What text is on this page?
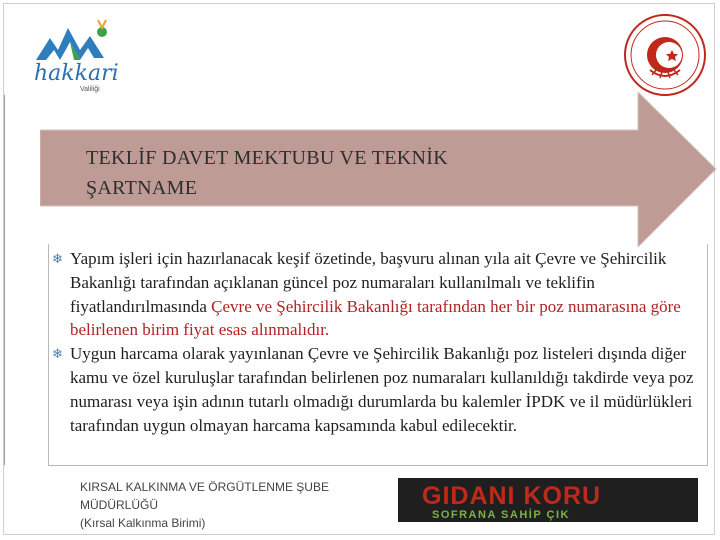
hakkari
Valiliği
TEKLİF DAVET MEKTUBU VE TEKNİK
ŞARTNAME
❄ Yapım işleri için hazırlanacak keşif özetinde, başvuru alınan yıla ait Çevre ve Şehircilik Bakanlığı tarafından açıklanan güncel poz numaraları kullanılmalı ve teklifin fiyatlandırılmasında Çevre ve Şehircilik Bakanlığı tarafından her bir poz numarasına göre belirlenen birim fiyat esas alınmalıdır.
❄ Uygun harcama olarak yayınlanan Çevre ve Şehircilik Bakanlığı poz listeleri dışında diğer kamu ve özel kuruluşlar tarafından belirlenen poz numaraları kullanıldığı takdirde veya poz numarası veya işin adının tutarlı olmadığı durumlarda bu kalemler İPDK ve il müdürlükleri tarafından uygun olmayan harcama kapsamında kabul edilecektir.
KIRSAL KALKINMA VE ÖRGÜTLENME ŞUBE
MÜDÜRLÜĞÜ
(Kırsal Kalkınma Birimi)
GIDANI KORU
SOFRANA SAHİP ÇIK
